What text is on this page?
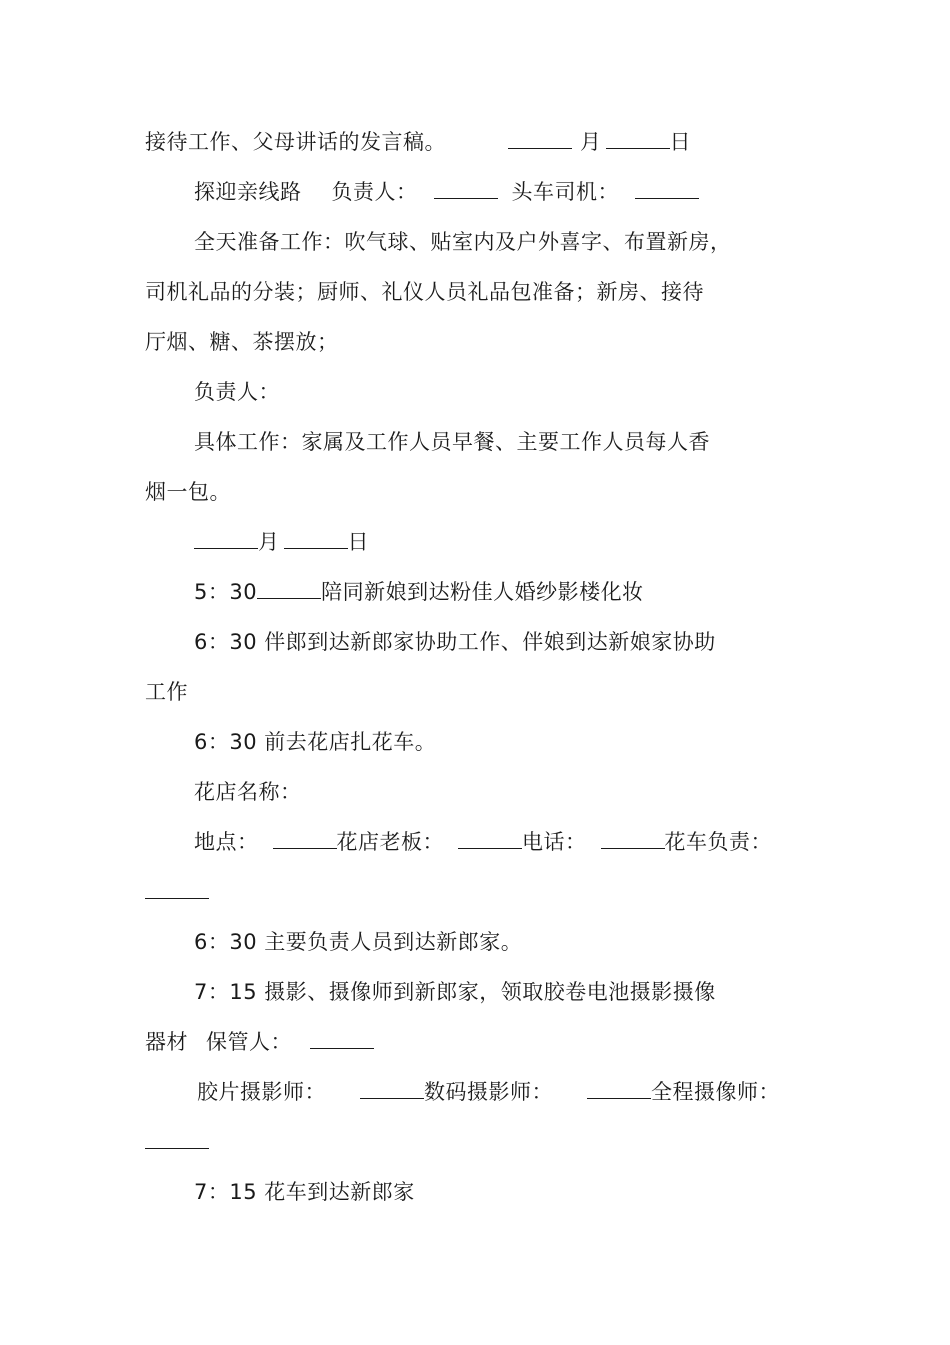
接待工作、父母讲话的发言稿。	月	日
探迎亲线路 负责人：	头车司机：
全天准备工作：吹气球、贴室内及户外喜字、布置新房，
司机礼品的分装；厨师、礼仪人员礼品包准备；新房、接待
厅烟、糖、茶摆放；
负责人：
具体工作：家属及工作人员早餐、主要工作人员每人香
烟一包。
月	日
5：30	陪同新娘到达粉佳人婚纱影楼化妆
6：30 伴郎到达新郎家协助工作、伴娘到达新娘家协助
工作
6：30 前去花店扎花车。
花店名称：
地点：	花店老板：	电话：	花车负责：
6：30 主要负责人员到达新郎家。
7：15 摄影、摄像师到新郎家，领取胶卷电池摄影摄像
器材 保管人：
胶片摄影师：	数码摄影师：	全程摄像师：
7：15 花车到达新郎家
